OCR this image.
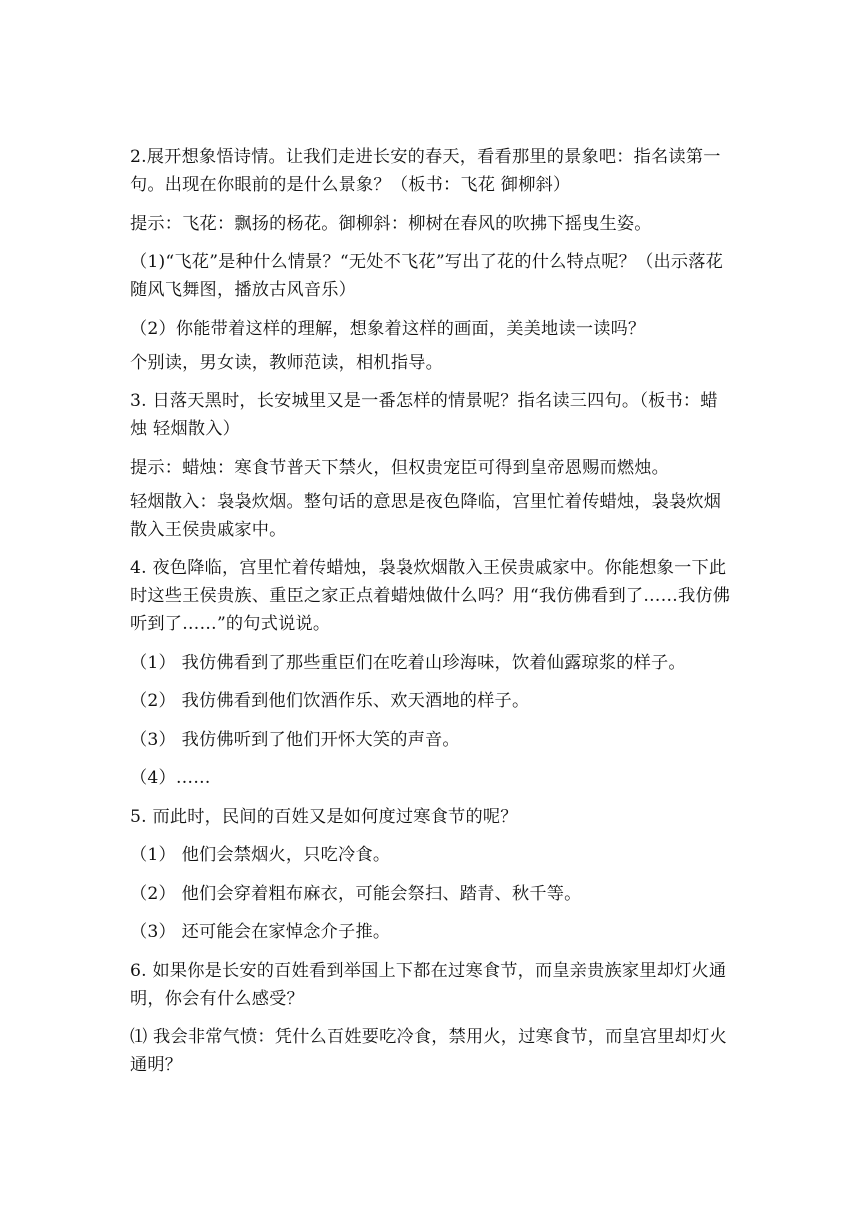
2.展开想象悟诗情。让我们走进长安的春天，看看那里的景象吧：指名读第一句。出现在你眼前的是什么景象？（板书：飞花 御柳斜）

提示：飞花：飘扬的杨花。御柳斜：柳树在春风的吹拂下摇曳生姿。

（1)“飞花”是种什么情景？“无处不飞花”写出了花的什么特点呢？（出示落花随风飞舞图，播放古风音乐）

（2）你能带着这样的理解，想象着这样的画面，美美地读一读吗？

个别读，男女读，教师范读，相机指导。

3. 日落天黑时，长安城里又是一番怎样的情景呢？指名读三四句。（板书：蜡烛 轻烟散入）

提示：蜡烛：寒食节普天下禁火，但权贵宠臣可得到皇帝恩赐而燃烛。

轻烟散入：袅袅炊烟。整句话的意思是夜色降临，宫里忙着传蜡烛，袅袅炊烟散入王侯贵戚家中。

4. 夜色降临，宫里忙着传蜡烛，袅袅炊烟散入王侯贵戚家中。你能想象一下此时这些王侯贵族、重臣之家正点着蜡烛做什么吗？用“我仿佛看到了……我仿佛听到了……”的句式说说。

（1） 我仿佛看到了那些重臣们在吃着山珍海味，饮着仙露琼浆的样子。

（2） 我仿佛看到他们饮酒作乐、欢天酒地的样子。

（3） 我仿佛听到了他们开怀大笑的声音。

（4）……

5. 而此时，民间的百姓又是如何度过寒食节的呢？

（1） 他们会禁烟火，只吃冷食。

（2） 他们会穿着粗布麻衣，可能会祭扫、踏青、秋千等。

（3） 还可能会在家悼念介子推。

6. 如果你是长安的百姓看到举国上下都在过寒食节，而皇亲贵族家里却灯火通明，你会有什么感受？

⑴ 我会非常气愤：凭什么百姓要吃冷食，禁用火，过寒食节，而皇宫里却灯火通明？
